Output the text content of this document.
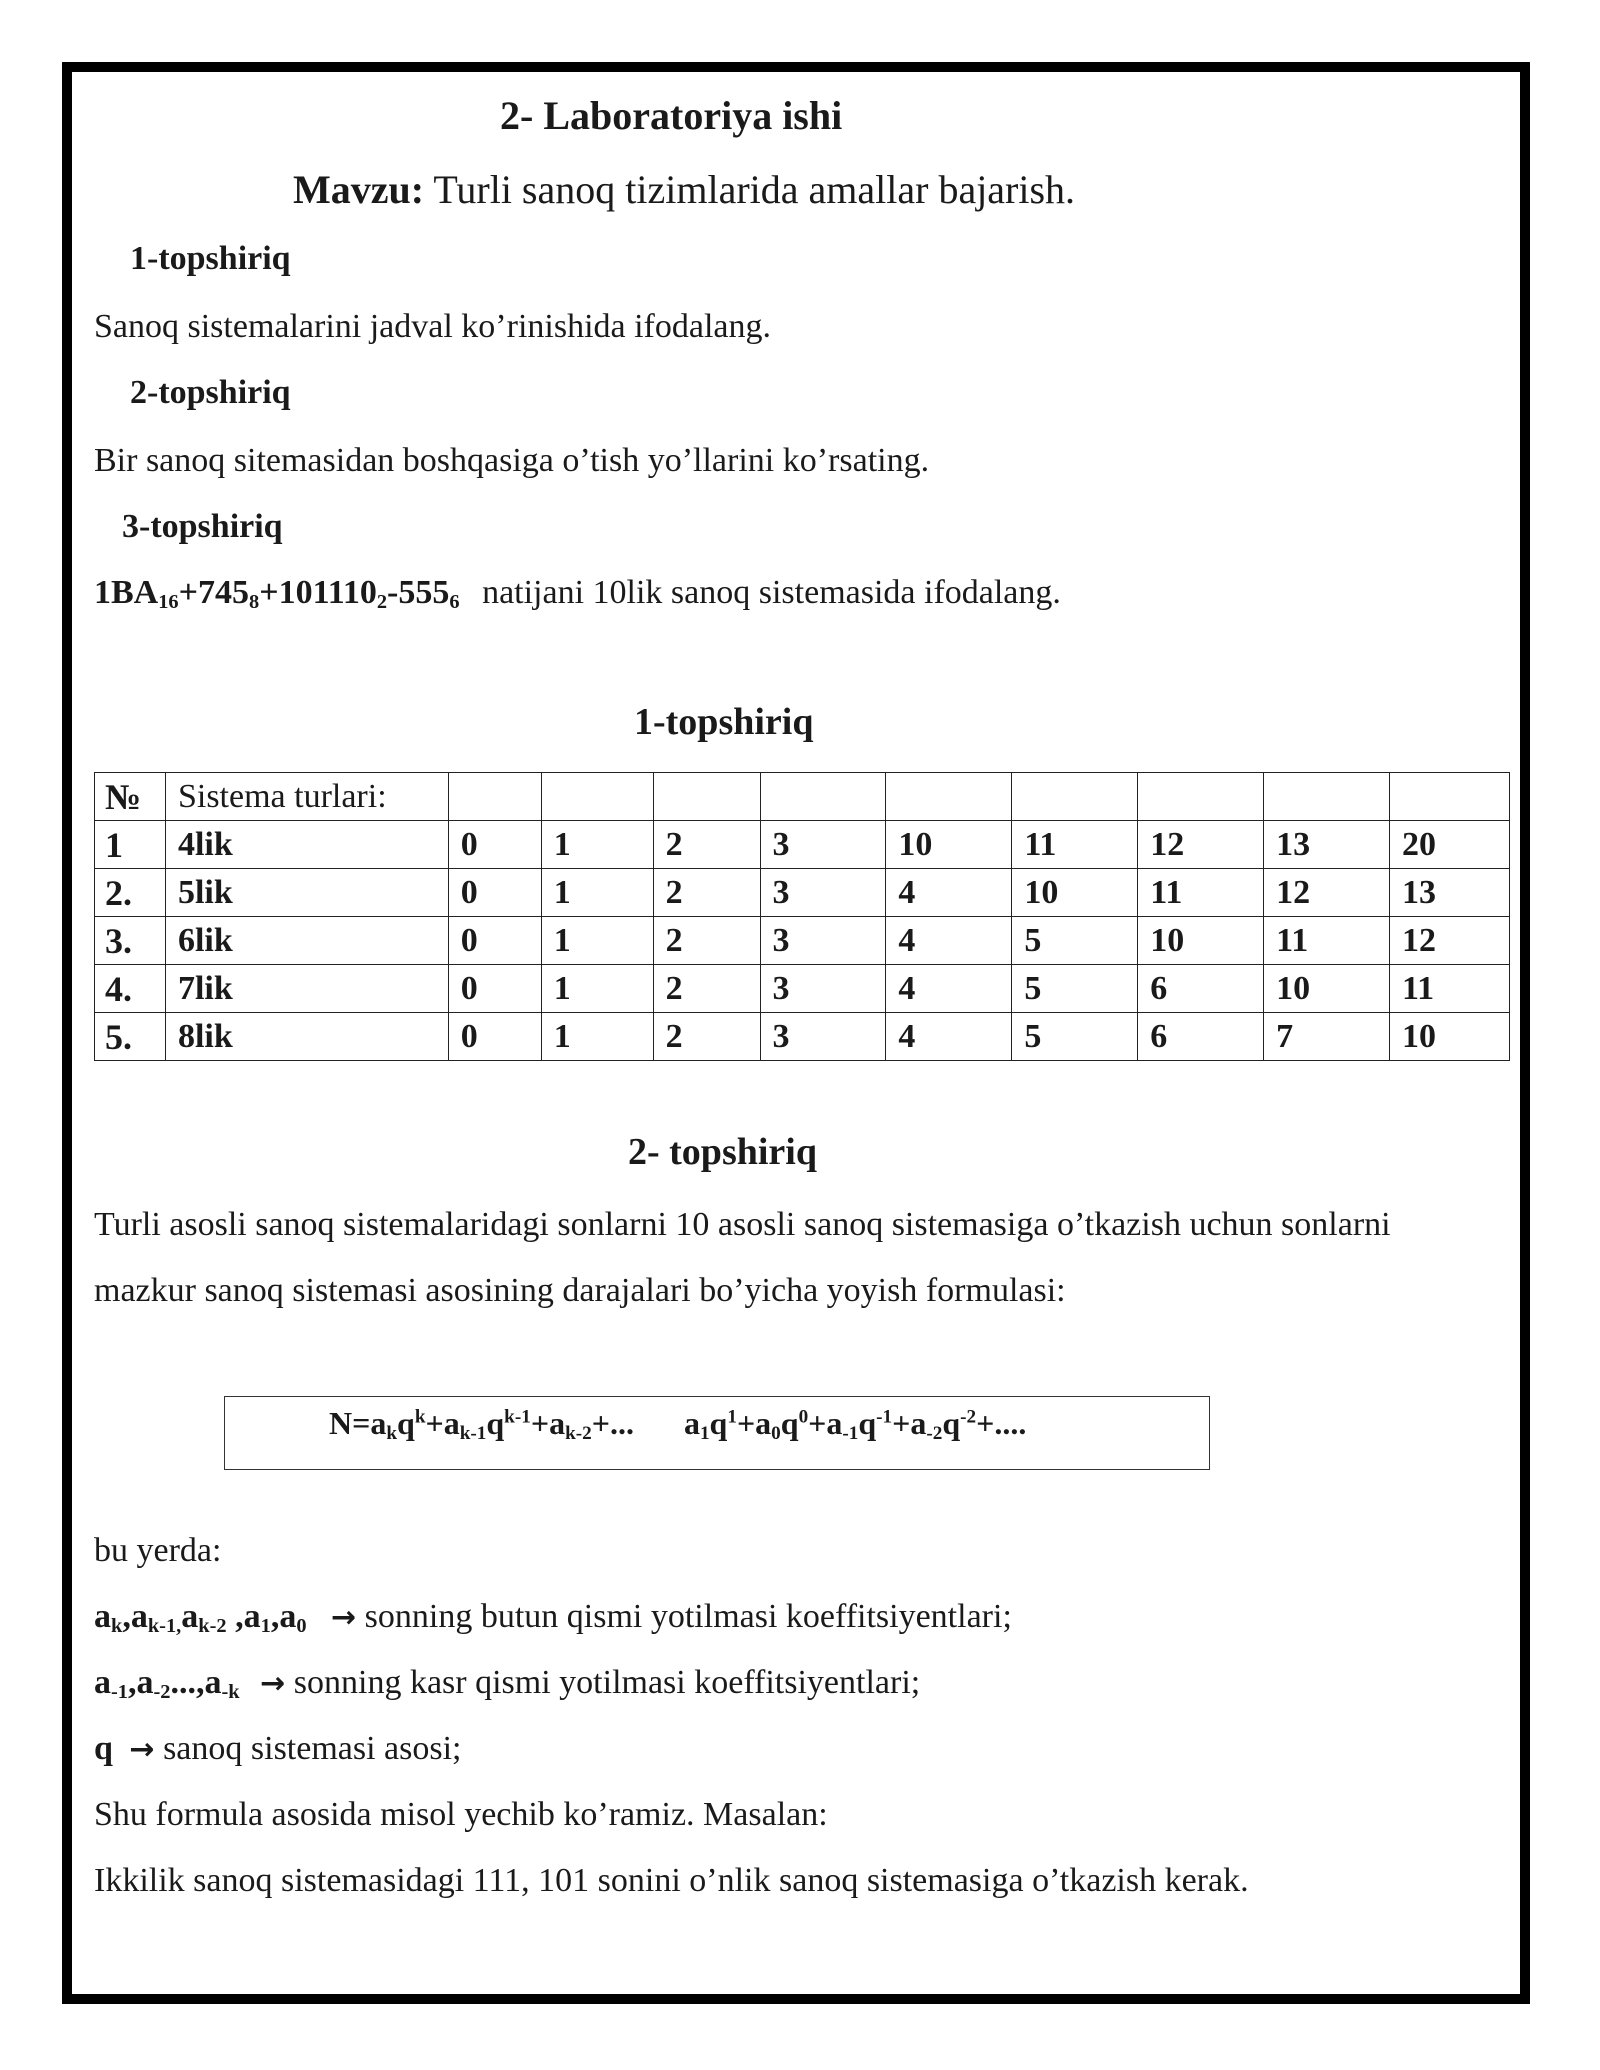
2- Laboratoriya ishi
Mavzu: Turli sanoq tizimlarida amallar bajarish.
1-topshiriq
Sanoq sistemalarini jadval ko’rinishida ifodalang.
2-topshiriq
Bir sanoq sitemasidan boshqasiga o’tish yo’llarini ko’rsating.
3-topshiriq
$1BA_{16}+745_8+101110_2-555_6$ natijani 10lik sanoq sistemasida ifodalang.
1-topshiriq
№	Sistema turlari:									
1	4lik	0	1	2	3	10	11	12	13	20
2.	5lik	0	1	2	3	4	10	11	12	13
3.	6lik	0	1	2	3	4	5	10	11	12
4.	7lik	0	1	2	3	4	5	6	10	11
5.	8lik	0	1	2	3	4	5	6	7	10
2- topshiriq
Turli asosli sanoq sistemalaridagi sonlarni 10 asosli sanoq sistemasiga o’tkazish uchun sonlarni
mazkur sanoq sistemasi asosining darajalari bo’yicha yoyish formulasi:
$N=a_kq^k+a_{k-1}q^{k-1}+a_{k-2}+$... $a_1q^1+a_0q^0+a_{-1}q^{-1}+a_{-2}q^{-2}+$....
bu yerda:
$a_k,a_{k-1,}a_{k-2}$ $,a_1,a_0$ → sonning butun qismi yotilmasi koeffitsiyentlari;
$a_{-1},a_{-2}...,a_{-k}$ → sonning kasr qismi yotilmasi koeffitsiyentlari;
q → sanoq sistemasi asosi;
Shu formula asosida misol yechib ko’ramiz. Masalan:
Ikkilik sanoq sistemasidagi 111, 101 sonini o’nlik sanoq sistemasiga o’tkazish kerak.
